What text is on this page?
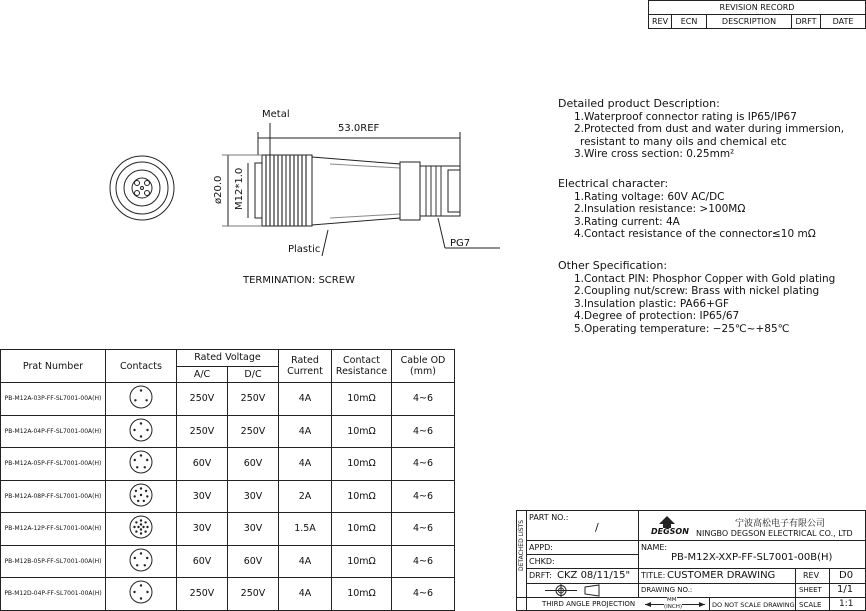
REVISION RECORD
REV	ECN	DESCRIPTION	DRFT	DATE
Metal
53.0REF
ø20.0 M12*1.0
Plastic
PG7
TERMINATION: SCREW
Detailed product Description:
1.Waterproof connector rating is IP65/IP67
2.Protected from dust and water during immersion,
resistant to many oils and chemical etc
3.Wire cross section: 0.25mm²
Electrical character:
1.Rating voltage: 60V AC/DC
2.Insulation resistance: >100MΩ
3.Rating current: 4A
4.Contact resistance of the connector≤10 mΩ
Other Specification:
1.Contact PIN: Phosphor Copper with Gold plating
2.Coupling nut/screw: Brass with nickel plating
3.Insulation plastic: PA66+GF
4.Degree of protection: IP65/67
5.Operating temperature: −25℃~+85℃
Prat Number	Contacts	Rated Voltage		Rated Current	Contact Resistance	Cable OD (mm)
		A/C	D/C			
PB-M12A-03P-FF-SL7001-00A(H)		250V	250V	4A	10mΩ	4~6
PB-M12A-04P-FF-SL7001-00A(H)		250V	250V	4A	10mΩ	4~6
PB-M12A-05P-FF-SL7001-00A(H)		60V	60V	4A	10mΩ	4~6
PB-M12A-08P-FF-SL7001-00A(H)		30V	30V	2A	10mΩ	4~6
PB-M12A-12P-FF-SL7001-00A(H)		30V	30V	1.5A	10mΩ	4~6
PB-M12B-05P-FF-SL7001-00A(H)		60V	60V	4A	10mΩ	4~6
PB-M12D-04P-FF-SL7001-00A(H)		250V	250V	4A	10mΩ	4~6
DETACHED LISTS
PART NO.:
/
APPD:
CHKD:
DRFT: CKZ 08/11/15"
DEGSON
宁波高松电子有限公司
NINGBO DEGSON ELECTRICAL CO., LTD
NAME:
PB-M12X-XXP-FF-SL7001-00B(H)
TITLE: CUSTOMER DRAWING	REV D0
DRAWING NO.:	SHEET 1/1
THIRD ANGLE PROJECTION	MM
(INCH)	DO NOT SCALE DRAWING SCALE 1:1
